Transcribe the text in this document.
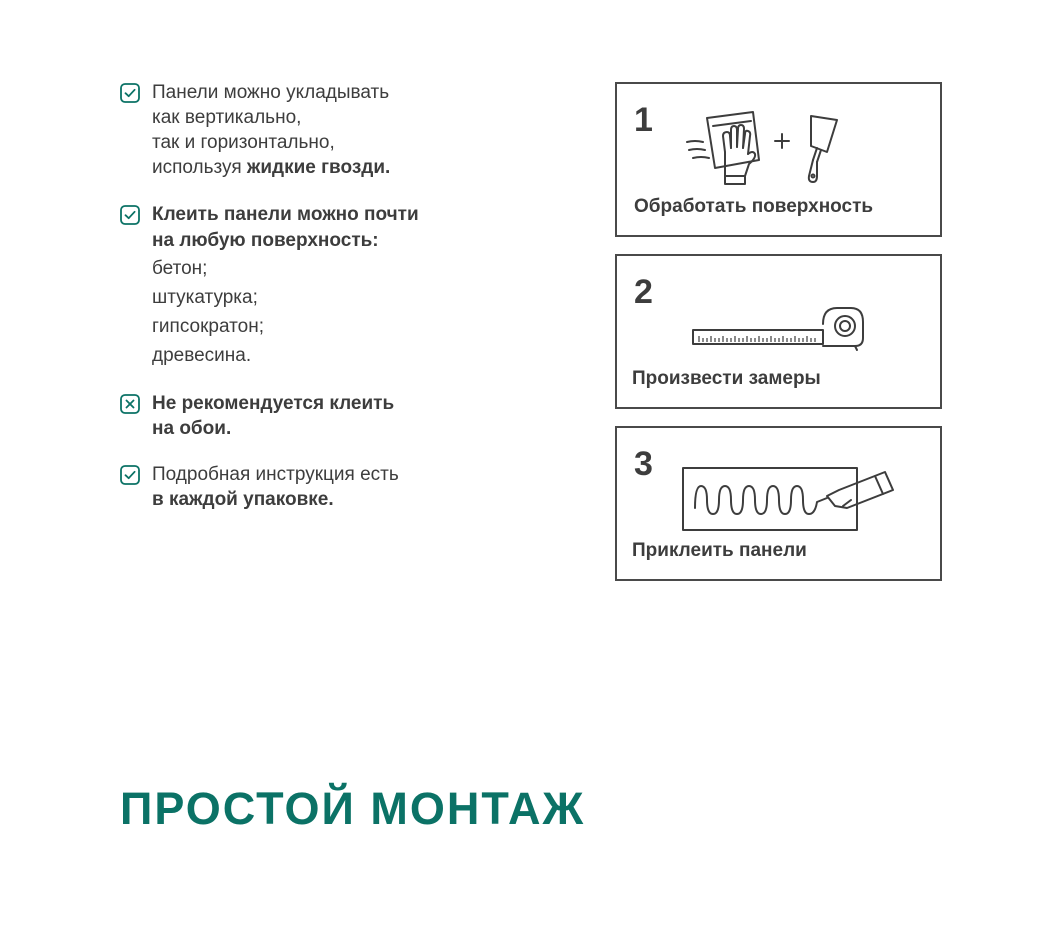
Панели можно укладывать
как вертикально,
так и горизонтально,
используя жидкие гвозди.
Клеить панели можно почти
на любую поверхность:
бетон;
штукатурка;
гипсократон;
древесина.
Не рекомендуется клеить
на обои.
Подробная инструкция есть
в каждой упаковке.
1
Обработать поверхность
2
Произвести замеры
3
Приклеить панели
ПРОСТОЙ МОНТАЖ
